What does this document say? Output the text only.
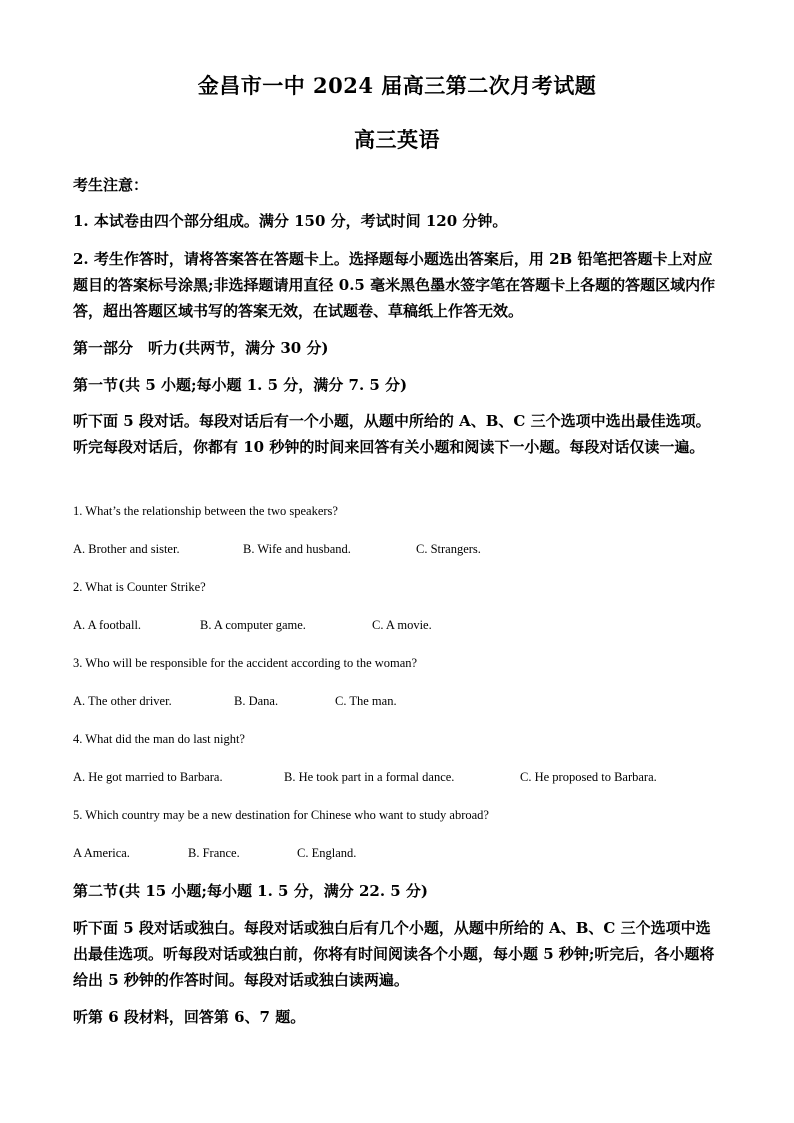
金昌市一中 2024 届高三第二次月考试题
高三英语
考生注意：
1. 本试卷由四个部分组成。满分 150 分，考试时间 120 分钟。
2. 考生作答时，请将答案答在答题卡上。选择题每小题选出答案后，用 2B 铅笔把答题卡上对应题目的答案标号涂黑;非选择题请用直径 0.5 毫米黑色墨水签字笔在答题卡上各题的答题区域内作答，超出答题区域书写的答案无效，在试题卷、草稿纸上作答无效。
第一部分　听力(共两节，满分 30 分)
第一节(共 5 小题;每小题 1. 5 分，满分 7. 5 分)
听下面 5 段对话。每段对话后有一个小题，从题中所给的 A、B、C 三个选项中选出最佳选项。听完每段对话后，你都有 10 秒钟的时间来回答有关小题和阅读下一小题。每段对话仅读一遍。
1. What’s the relationship between the two speakers?
A. Brother and sister.	B. Wife and husband.	C. Strangers.
2. What is Counter Strike?
A. A football.	B. A computer game.	C. A movie.
3. Who will be responsible for the accident according to the woman?
A. The other driver.	B. Dana.	C. The man.
4. What did the man do last night?
A. He got married to Barbara.	B. He took part in a formal dance.	C. He proposed to Barbara.
5. Which country may be a new destination for Chinese who want to study abroad?
A America.	B. France.	C. England.
第二节(共 15 小题;每小题 1. 5 分，满分 22. 5 分)
听下面 5 段对话或独白。每段对话或独白后有几个小题，从题中所给的 A、B、C 三个选项中选出最佳选项。听每段对话或独白前，你将有时间阅读各个小题，每小题 5 秒钟;听完后，各小题将给出 5 秒钟的作答时间。每段对话或独白读两遍。
听第 6 段材料，回答第 6、7 题。
